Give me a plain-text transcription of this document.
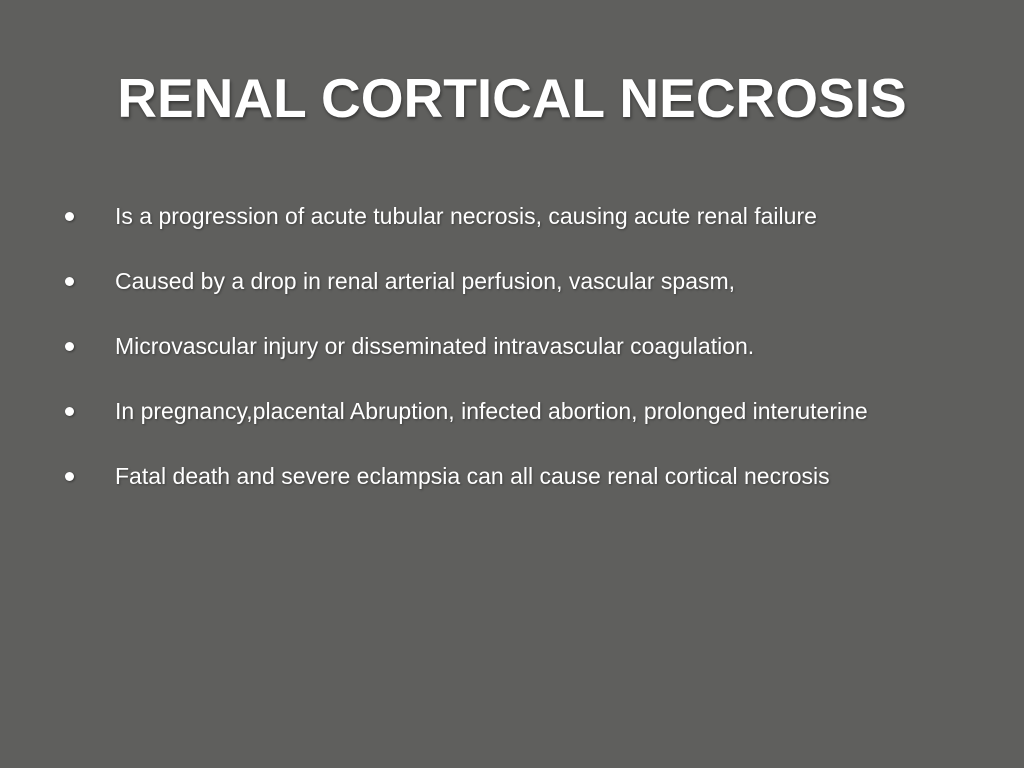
RENAL CORTICAL NECROSIS
Is a progression of acute tubular necrosis, causing acute renal failure
Caused by a drop in renal arterial perfusion, vascular spasm,
Microvascular injury or disseminated intravascular coagulation.
In pregnancy,placental Abruption, infected abortion, prolonged interuterine
Fatal death and severe eclampsia can all cause renal cortical necrosis
